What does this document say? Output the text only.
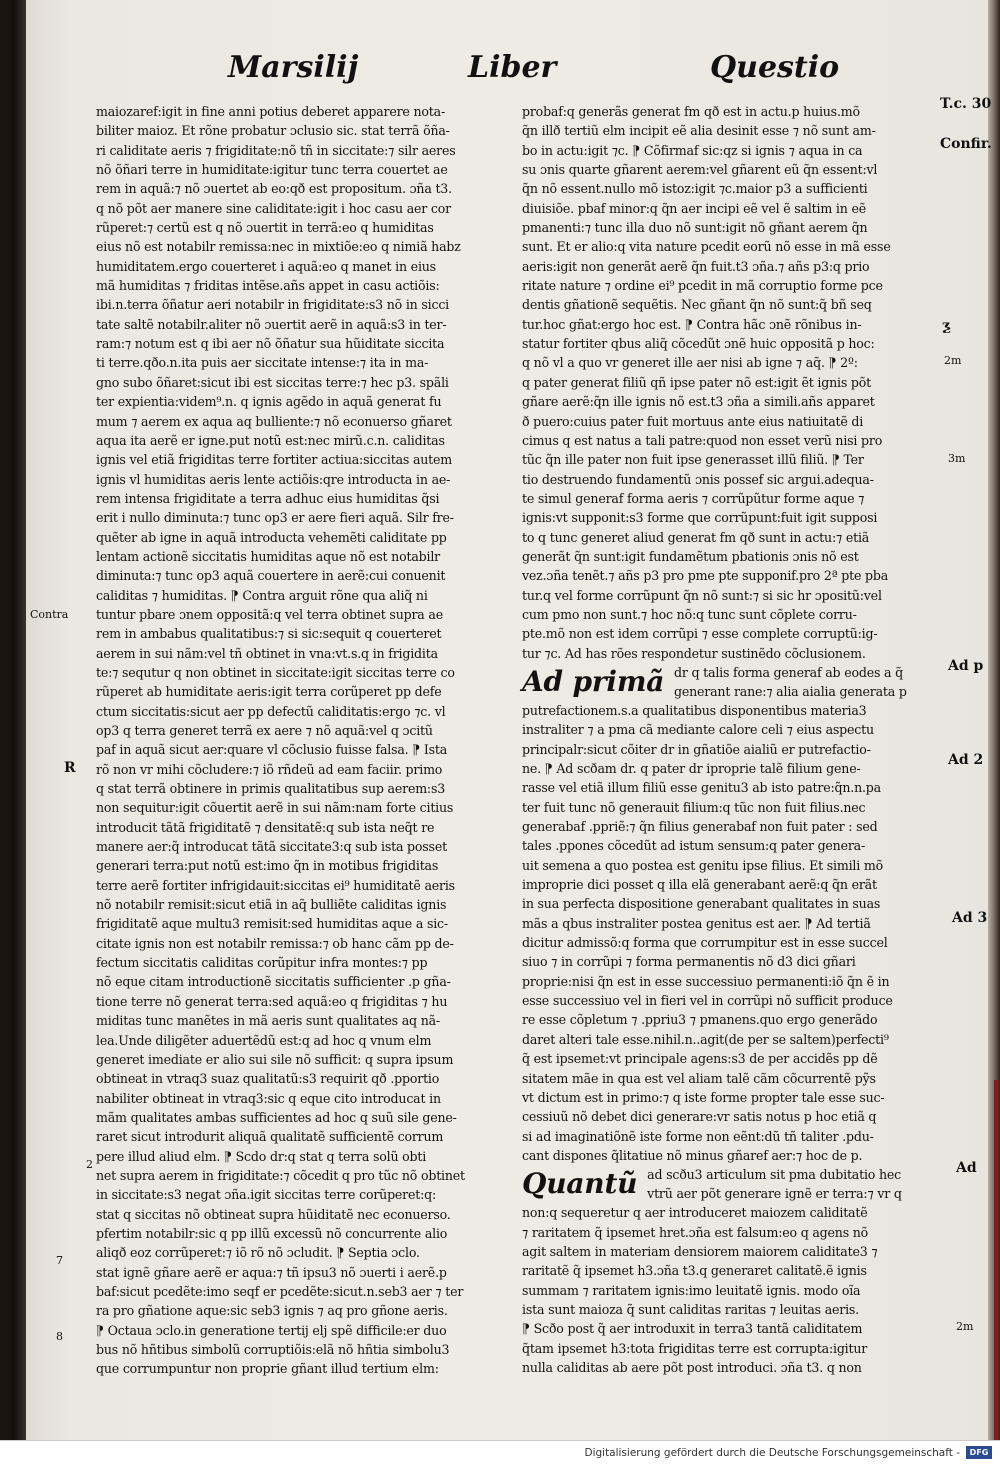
Marsilij	Liber	Questio

maiozaref:igit in fine anni potius deberet apparere nota-

biliter maioz. Et rõne probatur ɔclusio sic. stat terrã õña-

ri caliditate aeris ⁊ frigiditate:nõ tñ in siccitate:⁊ silr aeres

nõ õñari terre in humiditate:igitur tunc terra couertet ae

rem in aquã:⁊ nõ ɔuertet ab eo:qð est propositum. ɔña t3.

q nõ põt aer manere sine caliditate:igit i hoc casu aer cor

rũperet:⁊ certũ est q nõ ɔuertit in terrã:eo q humiditas

eius nõ est notabilr remissa:nec in mixtiõe:eo q nimiã habz

humiditatem.ergo couerteret i aquã:eo q manet in eius

mã humiditas ⁊ friditas intẽse.añs appet in casu actiõis:

ibi.n.terra õñatur aeri notabilr in frigiditate:s3 nõ in sicci

tate saltẽ notabilr.aliter nõ ɔuertit aerẽ in aquã:s3 in ter-

ram:⁊ notum est q ibi aer nõ õñatur sua hũiditate siccita

ti terre.qðo.n.ita puis aer siccitate intense:⁊ ita in ma-

gno subo õñaret:sicut ibi est siccitas terre:⁊ hec p3. spãli

ter expientia:videm⁹.n. q ignis agẽdo in aquã generat fu

mum ⁊ aerem ex aqua aq bulliente:⁊ nõ econuerso gñaret

aqua ita aerẽ er igne.put notũ est:nec mirũ.c.n. caliditas

ignis vel etiã frigiditas terre fortiter actiua:siccitas autem

ignis vl humiditas aeris lente actiõis:qre introducta in ae-

rem intensa frigiditate a terra adhuc eius humiditas q̃si

erit i nullo diminuta:⁊ tunc op3 er aere fieri aquã. Silr fre-

quẽter ab igne in aquã introducta vehemẽti caliditate pp

lentam actionẽ siccitatis humiditas aque nõ est notabilr

diminuta:⁊ tunc op3 aquã couertere in aerẽ:cui conuenit

caliditas ⁊ humiditas. ⁋ Contra arguit rõne qua aliq̃ ni

tuntur pbare ɔnem oppositã:q vel terra obtinet supra ae

rem in ambabus qualitatibus:⁊ si sic:sequit q couerteret

aerem in sui nãm:vel tñ obtinet in vna:vt.s.q in frigidita

te:⁊ sequtur q non obtinet in siccitate:igit siccitas terre co

rũperet ab humiditate aeris:igit terra corũperet pp defe

ctum siccitatis:sicut aer pp defectũ caliditatis:ergo ⁊c. vl

op3 q terra generet terrã ex aere ⁊ nõ aquã:vel q ɔcitũ

paf in aquã sicut aer:quare vl cõclusio fuisse falsa. ⁋ Ista

rõ non vr mihi cõcludere:⁊ iõ rñdeũ ad eam faciir. primo

q stat terrã obtinere in primis qualitatibus sup aerem:s3

non sequitur:igit cõuertit aerẽ in sui nãm:nam forte citius

introducit tãtã frigiditatẽ ⁊ densitatẽ:q sub ista neq̃t re

manere aer:q̃ introducat tãtã siccitate3:q sub ista posset

generari terra:put notũ est:imo q̃n in motibus frigiditas

terre aerẽ fortiter infrigidauit:siccitas ei⁹ humiditatẽ aeris

nõ notabilr remisit:sicut etiã in aq̃ bulliẽte caliditas ignis

frigiditatẽ aque multu3 remisit:sed humiditas aque a sic-

citate ignis non est notabilr remissa:⁊ ob hanc cãm pp de-

fectum siccitatis caliditas corũpitur infra montes:⁊ pp

nõ eque citam introductionẽ siccitatis sufficienter .p gña-

tione terre nõ generat terra:sed aquã:eo q frigiditas ⁊ hu

miditas tunc manẽtes in mã aeris sunt qualitates aq nã-

lea.Unde diligẽter aduertẽdũ est:q ad hoc q vnum elm

generet imediate er alio sui sile nõ sufficit: q supra ipsum

obtineat in vtraq3 suaz qualitatũ:s3 requirit qð .pportio

nabiliter obtineat in vtraq3:sic q eque cito introducat in

mãm qualitates ambas sufficientes ad hoc q suũ sile gene-

raret sicut introdurit aliquã qualitatẽ sufficientẽ corrum

pere illud aliud elm. ⁋ Scdo dr:q stat q terra solũ obti

net supra aerem in frigiditate:⁊ cõcedit q pro tũc nõ obtinet

in siccitate:s3 negat ɔña.igit siccitas terre corũperet:q:

stat q siccitas nõ obtineat supra hũiditatẽ nec econuerso.

pfertim notabilr:sic q pp illũ excessũ nõ concurrente alio

aliqð eoz corrũperet:⁊ iõ rõ nõ ɔcludit. ⁋ Septia ɔclo.

stat ignẽ gñare aerẽ er aqua:⁊ tñ ipsu3 nõ ɔuerti i aerẽ.p

baf:sicut pcedẽte:imo seqf er pcedẽte:sicut.n.seb3 aer ⁊ ter

ra pro gñatione aque:sic seb3 ignis ⁊ aq pro gñone aeris.

⁋ Octaua ɔclo.in generatione tertij elj spẽ difficile:er duo

bus nõ hñtibus simbolũ corruptiõis:elã nõ hñtia simbolu3

que corrumpuntur non proprie gñant illud tertium elm:

probaf:q generãs generat fm qð est in actu.p huius.mõ

q̃n illð tertiũ elm incipit eẽ alia desinit esse ⁊ nõ sunt am-

bo in actu:igit ⁊c. ⁋ Cõfirmaf sic:qz si ignis ⁊ aqua in ca

su ɔnis quarte gñarent aerem:vel gñarent eũ q̃n essent:vl

q̃n nõ essent.nullo mõ istoz:igit ⁊c.maior p3 a sufficienti

diuisiõe. pbaf minor:q q̃n aer incipi eẽ vel ẽ saltim in eẽ

pmanenti:⁊ tunc illa duo nõ sunt:igit nõ gñant aerem q̃n

sunt. Et er alio:q vita nature pcedit eorũ nõ esse in mã esse

aeris:igit non generãt aerẽ q̃n fuit.t3 ɔña.⁊ añs p3:q prio

ritate nature ⁊ ordine ei⁹ pcedit in mã corruptio forme pce

dentis gñationẽ sequẽtis. Nec gñant q̃n nõ sunt:q̃ bñ seq

tur.hoc gñat:ergo hoc est. ⁋ Contra hãc ɔnẽ rõnibus in-

statur fortiter qbus aliq̃ cõcedũt ɔnẽ huic oppositã p hoc:

q nõ vl a quo vr generet ille aer nisi ab igne ⁊ aq̃. ⁋ 2º:

q pater generat filiũ qñ ipse pater nõ est:igit ẽt ignis põt

gñare aerẽ:q̃n ille ignis nõ est.t3 ɔña a simili.añs apparet

ð puero:cuius pater fuit mortuus ante eius natiuitatẽ di

cimus q est natus a tali patre:quod non esset verũ nisi pro

tũc q̃n ille pater non fuit ipse generasset illũ filiũ. ⁋ Ter

tio destruendo fundamentũ ɔnis possef sic argui.adequa-

te simul generaf forma aeris ⁊ corrũpũtur forme aque ⁊

ignis:vt supponit:s3 forme que corrũpunt:fuit igit supposi

to q tunc generet aliud generat fm qð sunt in actu:⁊ etiã

generãt q̃n sunt:igit fundamẽtum pbationis ɔnis nõ est

vez.ɔña tenẽt.⁊ añs p3 pro pme pte supponif.pro 2ª pte pba

tur.q vel forme corrũpunt q̃n nõ sunt:⁊ si sic hr ɔpositũ:vel

cum pmo non sunt.⁊ hoc nõ:q tunc sunt cõplete corru-

pte.mõ non est idem corrũpi ⁊ esse complete corruptũ:ig-

tur ⁊c. Ad has rões respondetur sustinẽdo cõclusionem.

Ad primã dr q talis forma generaf ab eodes a q̃
generant rane:⁊ alia aialia generata p

putrefactionem.s.a qualitatibus disponentibus materia3

instraliter ⁊ a pma cã mediante calore celi ⁊ eius aspectu

principalr:sicut cõiter dr in gñatiõe aialiũ er putrefactio-

ne. ⁋ Ad scðam dr. q pater dr iproprie talẽ filium gene-

rasse vel etiã illum filiũ esse genitu3 ab isto patre:q̃n.n.pa

ter fuit tunc nõ generauit filium:q tũc non fuit filius.nec

generabaf .ppriẽ:⁊ q̃n filius generabaf non fuit pater : sed

tales .ppones cõcedũt ad istum sensum:q pater genera-

uit semena a quo postea est genitu ipse filius. Et simili mõ

improprie dici posset q illa elã generabant aerẽ:q q̃n erãt

in sua perfecta dispositione generabant qualitates in suas

mãs a qbus instraliter postea genitus est aer. ⁋ Ad tertiã

dicitur admissõ:q forma que corrumpitur est in esse succel

siuo ⁊ in corrũpi ⁊ forma permanentis nõ d3 dici gñari

proprie:nisi q̃n est in esse successiuo permanenti:iõ q̃n ẽ in

esse successiuo vel in fieri vel in corrũpi nõ sufficit produce

re esse cõpletum ⁊ .ppriu3 ⁊ pmanens.quo ergo generãdo

daret alteri tale esse.nihil.n..agit(de per se saltem)perfecti⁹

q̃ est ipsemet:vt principale agens:s3 de per accidẽs pp dẽ

sitatem mãe in qua est vel aliam talẽ cãm cõcurrentẽ pỹs

vt dictum est in primo:⁊ q iste forme propter tale esse suc-

cessiuũ nõ debet dici generare:vr satis notus p hoc etiã q

si ad imaginatiõnẽ iste forme non eẽnt:dũ tñ taliter .pdu-

cant dispones q̃litatiue nõ minus gñaref aer:⁊ hoc de p.

Quantũ ad scðu3 articulum sit pma dubitatio hec
vtrũ aer põt generare ignẽ er terra:⁊ vr q

non:q sequeretur q aer introduceret maiozem caliditatẽ

⁊ raritatem q̃ ipsemet hret.ɔña est falsum:eo q agens nõ

agit saltem in materiam densiorem maiorem caliditate3 ⁊

raritatẽ q̃ ipsemet h3.ɔña t3.q generaret calitatẽ.ẽ ignis

summam ⁊ raritatem ignis:imo leuitatẽ ignis. modo oĩa

ista sunt maioza q̃ sunt caliditas raritas ⁊ leuitas aeris.

⁋ Scðo post q̃ aer introduxit in terra3 tantã caliditatem

q̃tam ipsemet h3:tota frigiditas terre est corrupta:igitur

nulla caliditas ab aere põt post introduci. ɔña t3. q non

T.c. 30
Confir.
ƺ
2m
3m
Ad p
Ad 2
Ad 3
Ad
2m
Contra
R
2
7
8
Digitalisierung gefördert durch die Deutsche Forschungsgemeinschaft -	DFG
